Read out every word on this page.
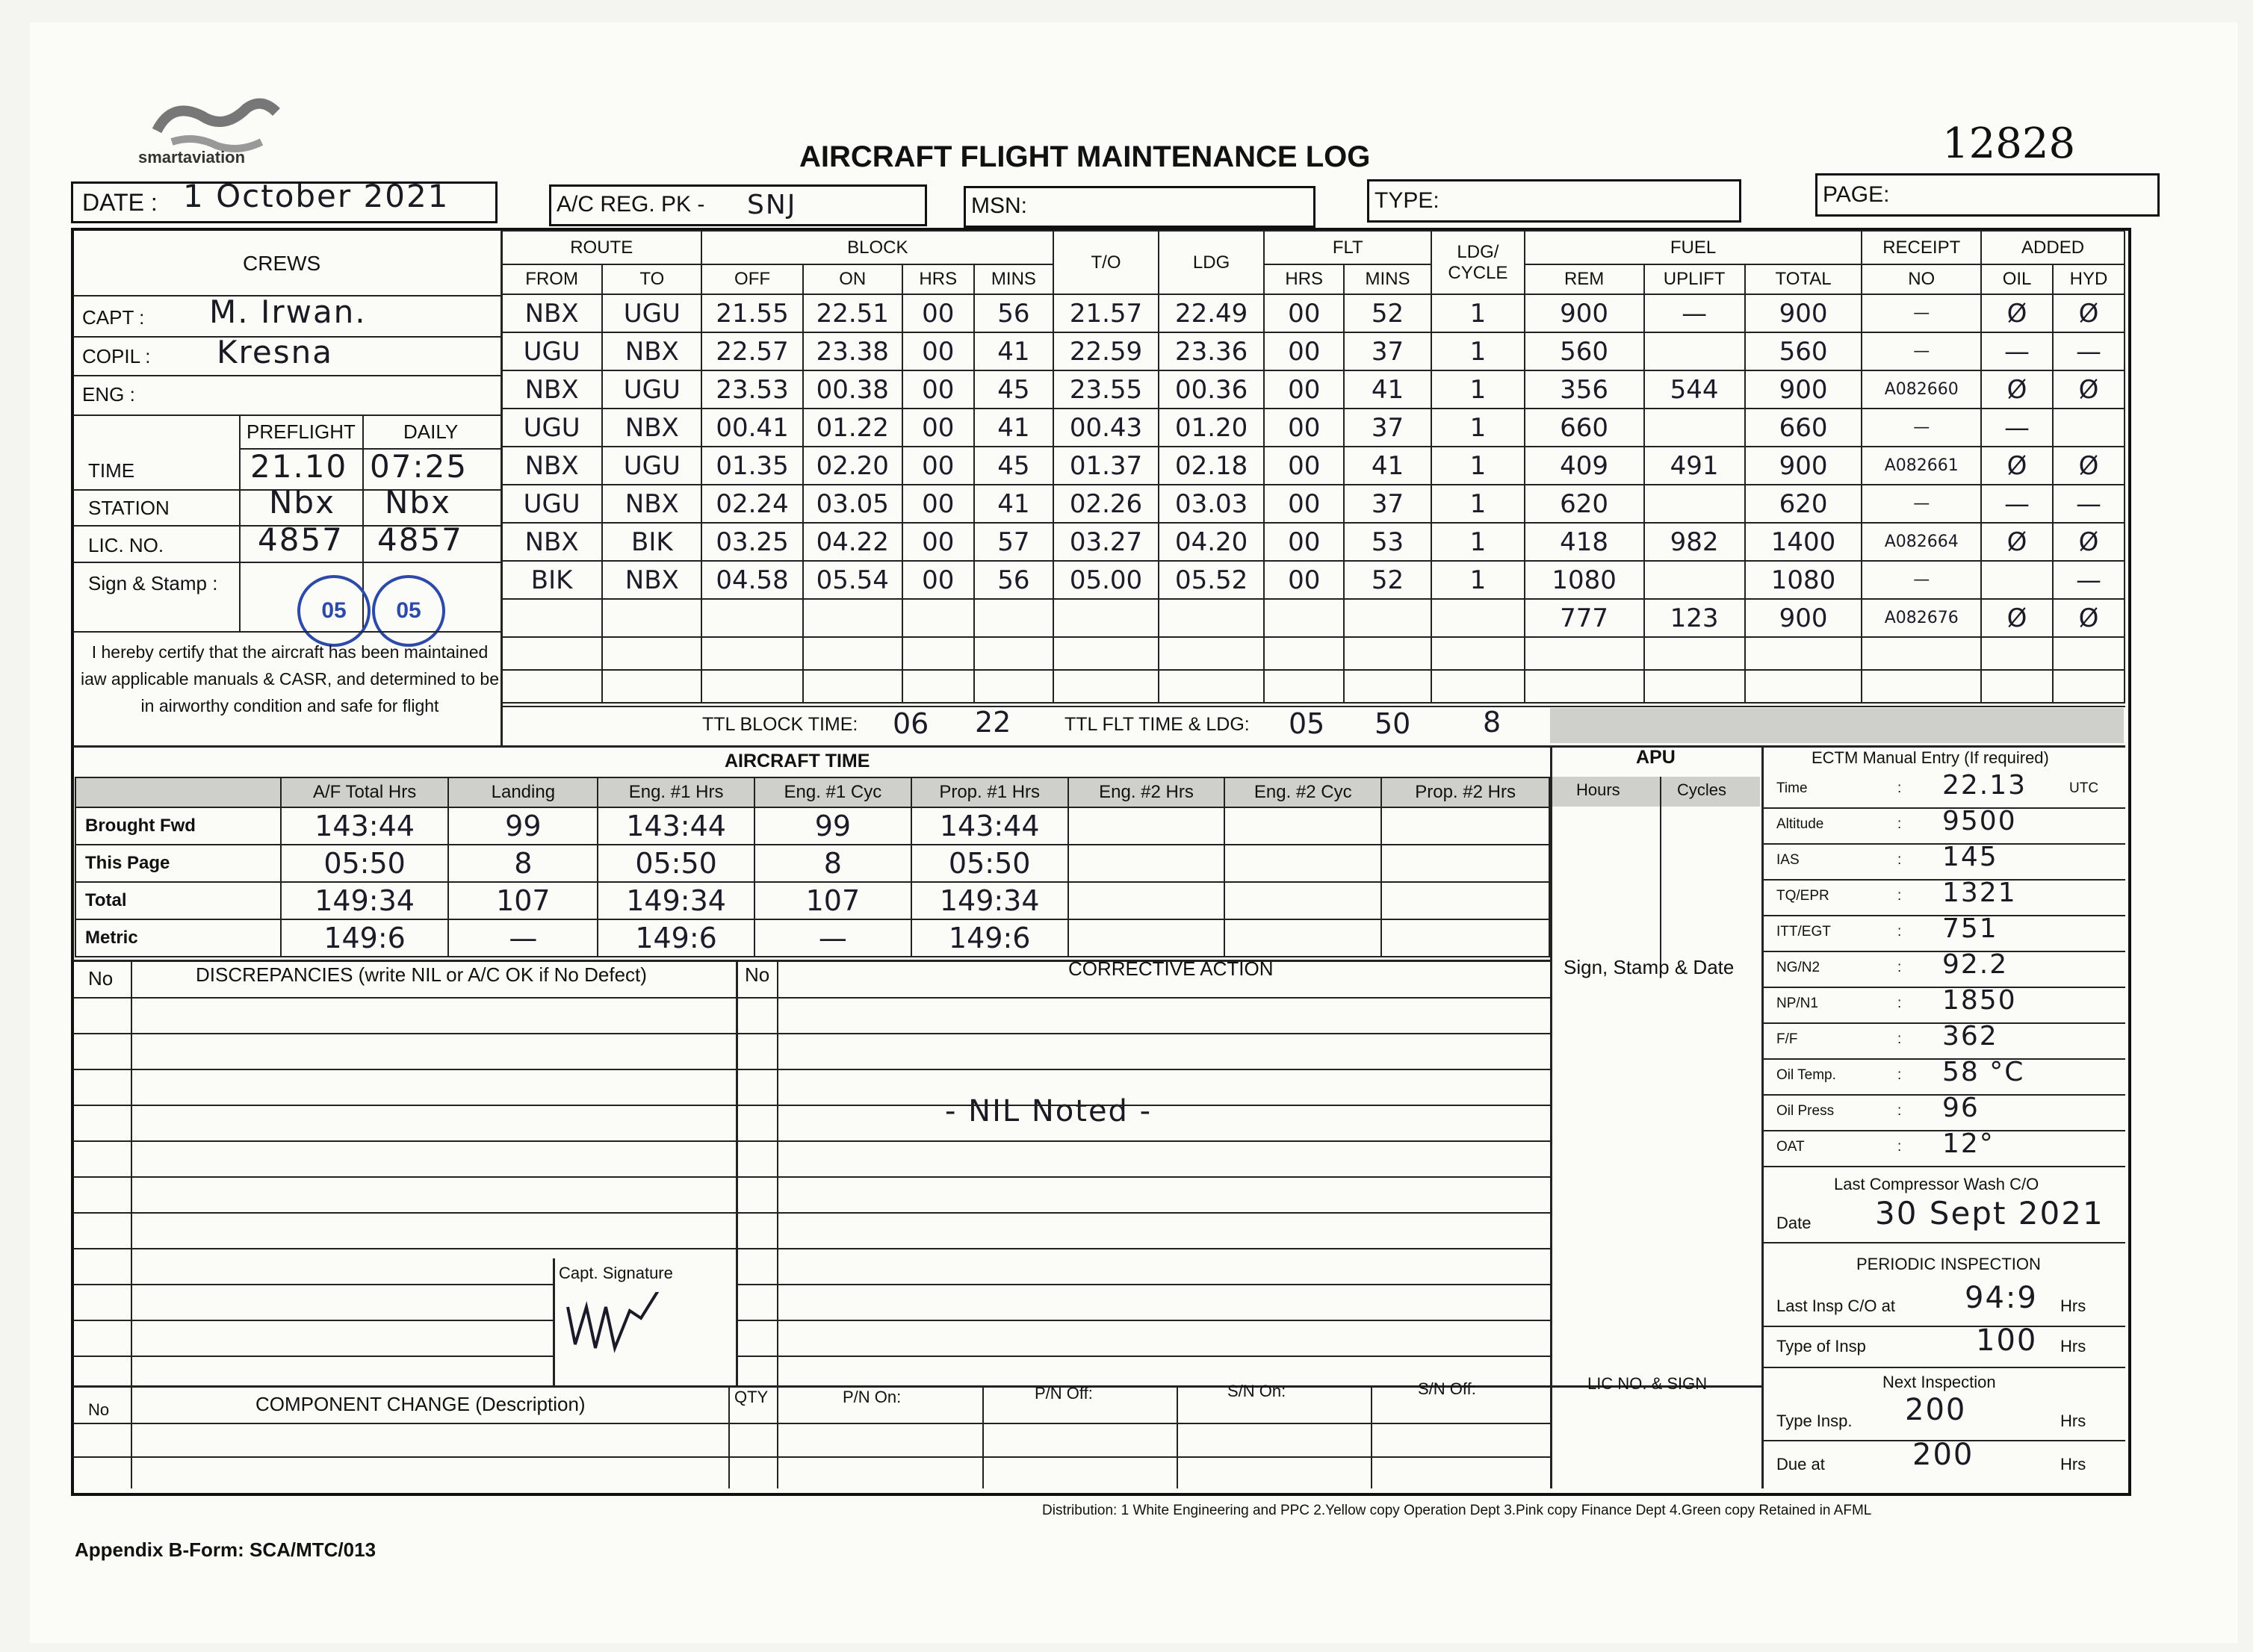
smartaviation	AIRCRAFT FLIGHT MAINTENANCE LOG	12828
DATE : 1 October 2021	A/C REG. PK - SNJ	MSN:	TYPE:	PAGE:
CREWS
CAPT : M. Irwan.
COPIL : Kresna
ENG :
PREFLIGHT DAILY
TIME	21.10 07:25
STATION	Nbx Nbx
LIC. NO.	4857 4857
Sign & Stamp :
05 05
I hereby certify that the aircraft has been maintained iaw applicable manuals & CASR, and determined to be in airworthy condition and safe for flight
ROUTE		BLOCK				T/O	LDG	FLT		LDG/ CYCLE	FUEL			RECEIPT	ADDED	
FROM	TO	OFF	ON	HRS	MINS			HRS	MINS		REM	UPLIFT	TOTAL	NO	OIL	HYD
NBX	UGU	21.55	22.51	00	56	21.57	22.49	00	52	1	900	—	900	—	Ø	Ø
UGU	NBX	22.57	23.38	00	41	22.59	23.36	00	37	1	560		560	—	—	—
NBX	UGU	23.53	00.38	00	45	23.55	00.36	00	41	1	356	544	900	A082660	Ø	Ø
UGU	NBX	00.41	01.22	00	41	00.43	01.20	00	37	1	660		660	—	—	
NBX	UGU	01.35	02.20	00	45	01.37	02.18	00	41	1	409	491	900	A082661	Ø	Ø
UGU	NBX	02.24	03.05	00	41	02.26	03.03	00	37	1	620		620	—	—	—
NBX	BIK	03.25	04.22	00	57	03.27	04.20	00	53	1	418	982	1400	A082664	Ø	Ø
BIK	NBX	04.58	05.54	00	56	05.00	05.52	00	52	1	1080		1080	—		—
											777	123	900	A082676	Ø	Ø

TTL BLOCK TIME: 06 22	TTL FLT TIME & LDG: 05 50	8
AIRCRAFT TIME
	A/F Total Hrs	Landing	Eng. #1 Hrs	Eng. #1 Cyc	Prop. #1 Hrs	Eng. #2 Hrs	Eng. #2 Cyc	Prop. #2 Hrs
Brought Fwd	143:44	99	143:44	99	143:44			
This Page	05:50	8	05:50	8	05:50			
Total	149:34	107	149:34	107	149:34			
Metric	149:6	—	149:6	—	149:6			
APU
Hours	Cycles
ECTM Manual Entry (If required)
Time	: 22.13	UTC
Altitude	: 9500
IAS	: 145
TQ/EPR	: 1321
ITT/EGT	: 751
NG/N2	: 92.2
NP/N1	: 1850
F/F	: 362
Oil Temp.	: 58 °C
Oil Press	: 96
OAT	: 12°
Last Compressor Wash C/O
Date 30 Sept 2021
PERIODIC INSPECTION
Last Insp C/O at 94:9 Hrs
Type of Insp	100 Hrs
Next Inspection
Type Insp. 200	Hrs
Due at	200	Hrs
No	DISCREPANCIES (write NIL or A/C OK if No Defect)	No	CORRECTIVE ACTION	Sign, Stamp & Date
- NIL Noted -
Capt. Signature
No	COMPONENT CHANGE (Description)	QTY	P/N On:	P/N Off:	S/N On:	S/N Off:	LIC NO. & SIGN
Appendix B-Form: SCA/MTC/013
Distribution: 1 White Engineering and PPC 2.Yellow copy Operation Dept 3.Pink copy Finance Dept 4.Green copy Retained in AFML
